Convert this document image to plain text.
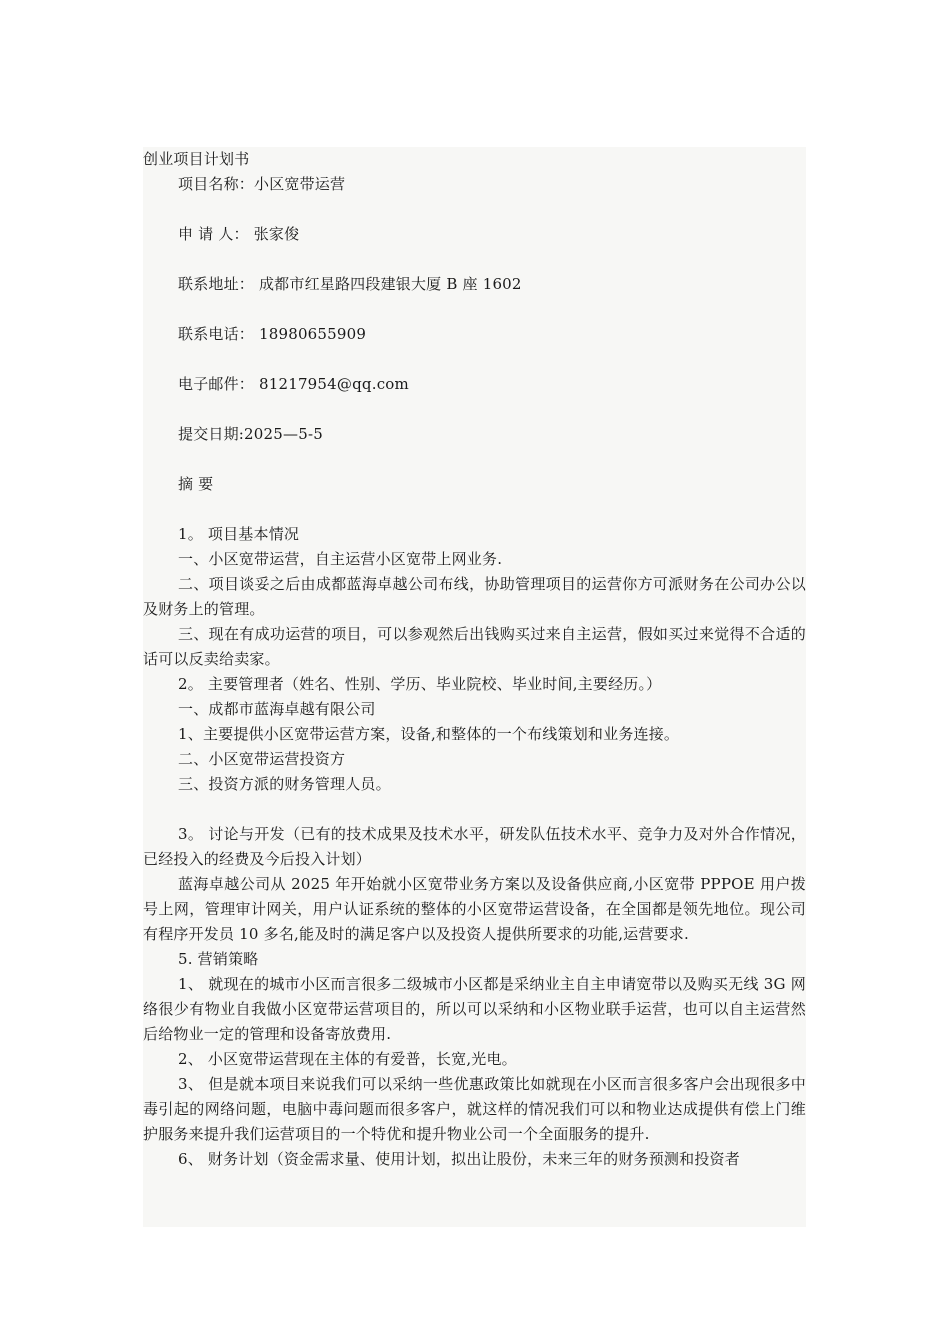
创业项目计划书

项目名称：小区宽带运营

申 请 人： 张家俊

联系地址： 成都市红星路四段建银大厦 B 座 1602

联系电话： 18980655909

电子邮件： 81217954@qq.com

提交日期:2025—5-5

摘 要

1。 项目基本情况

一、小区宽带运营，自主运营小区宽带上网业务.

二、项目谈妥之后由成都蓝海卓越公司布线，协助管理项目的运营你方可派财务在公司办公以及财务上的管理。

三、现在有成功运营的项目，可以参观然后出钱购买过来自主运营，假如买过来觉得不合适的话可以反卖给卖家。

2。 主要管理者（姓名、性别、学历、毕业院校、毕业时间,主要经历。）

一、成都市蓝海卓越有限公司

1、主要提供小区宽带运营方案，设备,和整体的一个布线策划和业务连接。

二、小区宽带运营投资方

三、投资方派的财务管理人员。

3。 讨论与开发（已有的技术成果及技术水平，研发队伍技术水平、竞争力及对外合作情况，已经投入的经费及今后投入计划）

蓝海卓越公司从 2025 年开始就小区宽带业务方案以及设备供应商,小区宽带 PPPOE 用户拨号上网，管理审计网关，用户认证系统的整体的小区宽带运营设备，在全国都是领先地位。现公司有程序开发员 10 多名,能及时的满足客户以及投资人提供所要求的功能,运营要求.

5. 营销策略

1、 就现在的城市小区而言很多二级城市小区都是采纳业主自主申请宽带以及购买无线 3G 网络很少有物业自我做小区宽带运营项目的，所以可以采纳和小区物业联手运营，也可以自主运营然后给物业一定的管理和设备寄放费用.

2、 小区宽带运营现在主体的有爱普，长宽,光电。

3、 但是就本项目来说我们可以采纳一些优惠政策比如就现在小区而言很多客户会出现很多中毒引起的网络问题，电脑中毒问题而很多客户，就这样的情况我们可以和物业达成提供有偿上门维护服务来提升我们运营项目的一个特优和提升物业公司一个全面服务的提升.

6、 财务计划（资金需求量、使用计划，拟出让股份，未来三年的财务预测和投资者
